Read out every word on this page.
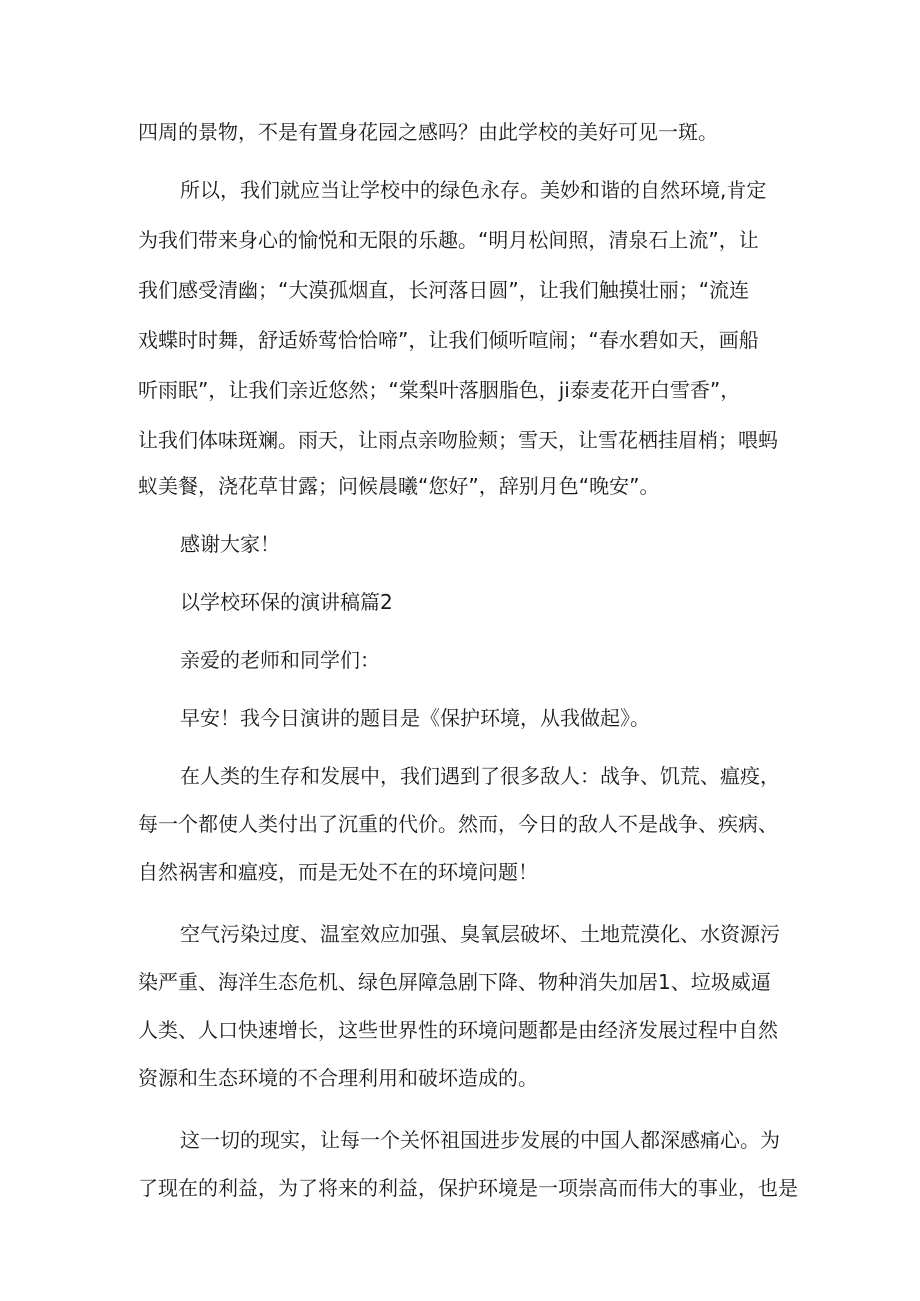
四周的景物，不是有置身花园之感吗？由此学校的美好可见一斑。
所以，我们就应当让学校中的绿色永存。美妙和谐的自然环境,肯定
为我们带来身心的愉悦和无限的乐趣。“明月松间照，清泉石上流”，让
我们感受清幽；“大漠孤烟直，长河落日圆”，让我们触摸壮丽；“流连
戏蝶时时舞，舒适娇莺恰恰啼”，让我们倾听喧闹；“春水碧如天，画船
听雨眠”，让我们亲近悠然；“棠梨叶落胭脂色，ji泰麦花开白雪香”，
让我们体味斑斓。雨天，让雨点亲吻脸颊；雪天，让雪花栖挂眉梢；喂蚂
蚁美餐，浇花草甘露；问候晨曦“您好”，辞别月色“晚安”。
感谢大家！
以学校环保的演讲稿篇2
亲爱的老师和同学们：
早安！我今日演讲的题目是《保护环境，从我做起》。
在人类的生存和发展中，我们遇到了很多敌人：战争、饥荒、瘟疫，
每一个都使人类付出了沉重的代价。然而，今日的敌人不是战争、疾病、
自然祸害和瘟疫，而是无处不在的环境问题！
空气污染过度、温室效应加强、臭氧层破坏、土地荒漠化、水资源污
染严重、海洋生态危机、绿色屏障急剧下降、物种消失加居1、垃圾威逼
人类、人口快速增长，这些世界性的环境问题都是由经济发展过程中自然
资源和生态环境的不合理利用和破坏造成的。
这一切的现实，让每一个关怀祖国进步发展的中国人都深感痛心。为
了现在的利益，为了将来的利益，保护环境是一项崇高而伟大的事业，也是
